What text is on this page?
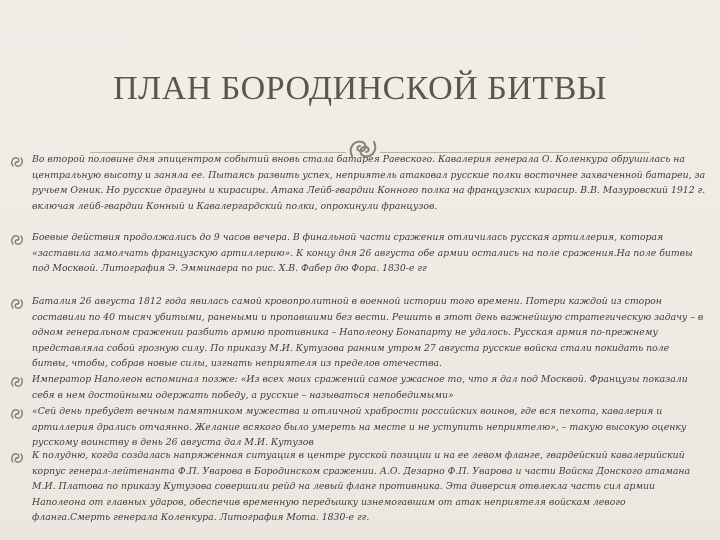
ПЛАН БОРОДИНСКОЙ БИТВЫ
Во второй половине дня эпицентром событий вновь стала батарея Раевского. Кавалерия генерала О. Коленкура обрушилась на центральную высоту и заняла ее. Пытаясь развить успех, неприятель атаковал русские полки восточнее захваченной батареи, за ручьем Огник. Но русские драгуны и кирасиры. Атака Лейб-гвардии Конного полка на французских кирасир. В.В. Мазуровский 1912 г. включая лейб-гвардии Конный и Кавалергардский полки, опрокинули французов.
Боевые действия продолжались до 9 часов вечера. В финальной части сражения отличилась русская артиллерия, которая «заставила замолчать французскую артиллерию». К концу дня 26 августа обе армии остались на поле сражения.На поле битвы под Москвой. Литография Э. Эмминаера по рис. Х.В. Фабер дю Фора. 1830-е гг
Баталия 26 августа 1812 года явилась самой кровопролитной в военной истории того времени. Потери каждой из сторон составили по 40 тысяч убитыми, ранеными и пропавшими без вести. Решить в этот день важнейшую стратегическую задачу – в одном генеральном сражении разбить армию противника – Наполеону Бонапарту не удалось. Русская армия по-прежнему представляла собой грозную силу. По приказу М.И. Кутузова ранним утром 27 августа русские войска стали покидать поле битвы, чтобы, собрав новые силы, изгнать неприятеля из пределов отечества.
Император Наполеон вспоминал позже: «Из всех моих сражений самое ужасное то, что я дал под Москвой. Французы показали себя в нем достойными одержать победу, а русские – называться непобедимыми»
«Сей день пребудет вечным памятником мужества и отличной храбрости российских воинов, где вся пехота, кавалерия и артиллерия дрались отчаянно. Желание всякого было умереть на месте и не уступить неприятелю», – такую высокую оценку русскому воинству в день 26 августа дал М.И. Кутузов
К полудню, когда создалась напряженная ситуация в центре русской позиции и на ее левом фланге, гвардейский кавалерийский корпус генерал-лейтенанта Ф.П. Уварова в Бородинском сражении. А.О. Дезарно Ф.П. Уварова и части Войска Донского атамана М.И. Платова по приказу Кутузова совершили рейд на левый фланг противника. Эта диверсия отвлекла часть сил армии Наполеона от главных ударов, обеспечив временную передышку изнемогавшим от атак неприятеля войскам левого фланга.Смерть генерала Коленкура. Литография Мота. 1830-е гг.
